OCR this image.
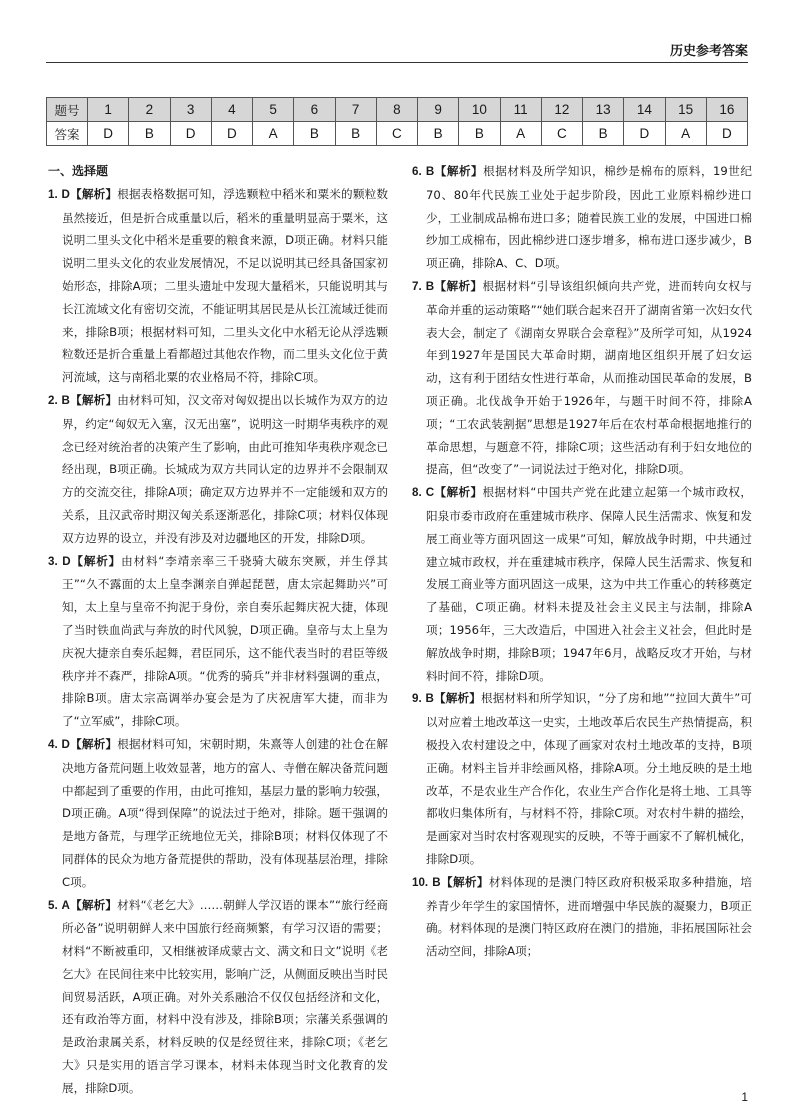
历史参考答案
题号	1	2	3	4	5	6	7	8	9	10	11	12	13	14	15	16
答案	D	B	D	D	A	B	B	C	B	B	A	C	B	D	A	D
一、选择题

1. D【解析】根据表格数据可知，浮选颗粒中稻米和粟米的颗粒数虽然接近，但是折合成重量以后，稻米的重量明显高于粟米，这说明二里头文化中稻米是重要的粮食来源，D项正确。材料只能说明二里头文化的农业发展情况，不足以说明其已经具备国家初始形态，排除A项；二里头遗址中发现大量稻米，只能说明其与长江流域文化有密切交流，不能证明其居民是从长江流域迁徙而来，排除B项；根据材料可知，二里头文化中水稻无论从浮选颗粒数还是折合重量上看都超过其他农作物，而二里头文化位于黄河流域，这与南稻北粟的农业格局不符，排除C项。

2. B【解析】由材料可知，汉文帝对匈奴提出以长城作为双方的边界，约定“匈奴无入塞，汉无出塞”，说明这一时期华夷秩序的观念已经对统治者的决策产生了影响，由此可推知华夷秩序观念已经出现，B项正确。长城成为双方共同认定的边界并不会限制双方的交流交往，排除A项；确定双方边界并不一定能缓和双方的关系，且汉武帝时期汉匈关系逐渐恶化，排除C项；材料仅体现双方边界的设立，并没有涉及对边疆地区的开发，排除D项。

3. D【解析】由材料“李靖亲率三千骁骑大破东突厥，并生俘其王”“久不露面的太上皇李渊亲自弹起琵琶，唐太宗起舞助兴”可知，太上皇与皇帝不拘泥于身份，亲自奏乐起舞庆祝大捷，体现了当时铁血尚武与奔放的时代风貌，D项正确。皇帝与太上皇为庆祝大捷亲自奏乐起舞，君臣同乐，这不能代表当时的君臣等级秩序并不森严，排除A项。“优秀的骑兵”并非材料强调的重点，排除B项。唐太宗高调举办宴会是为了庆祝唐军大捷，而非为了“立军威”，排除C项。

4. D【解析】根据材料可知，宋朝时期，朱熹等人创建的社仓在解决地方备荒问题上收效显著，地方的富人、寺僧在解决备荒问题中都起到了重要的作用，由此可推知，基层力量的影响力较强，D项正确。A项“得到保障”的说法过于绝对，排除。题干强调的是地方备荒，与理学正统地位无关，排除B项；材料仅体现了不同群体的民众为地方备荒提供的帮助，没有体现基层治理，排除C项。

5. A【解析】材料“《老乞大》……朝鲜人学汉语的课本”“旅行经商所必备”说明朝鲜人来中国旅行经商频繁，有学习汉语的需要；材料“不断被重印，又相继被译成蒙古文、满文和日文”说明《老乞大》在民间往来中比较实用，影响广泛，从侧面反映出当时民间贸易活跃，A项正确。对外关系融洽不仅仅包括经济和文化，还有政治等方面，材料中没有涉及，排除B项；宗藩关系强调的是政治隶属关系，材料反映的仅是经贸往来，排除C项；《老乞大》只是实用的语言学习课本，材料未体现当时文化教育的发展，排除D项。

6. B【解析】根据材料及所学知识，棉纱是棉布的原料，19世纪70、80年代民族工业处于起步阶段，因此工业原料棉纱进口少，工业制成品棉布进口多；随着民族工业的发展，中国进口棉纱加工成棉布，因此棉纱进口逐步增多，棉布进口逐步减少，B项正确，排除A、C、D项。

7. B【解析】根据材料“引导该组织倾向共产党，进而转向女权与革命并重的运动策略”“她们联合起来召开了湖南省第一次妇女代表大会，制定了《湖南女界联合会章程》”及所学可知，从1924年到1927年是国民大革命时期，湖南地区组织开展了妇女运动，这有利于团结女性进行革命，从而推动国民革命的发展，B项正确。北伐战争开始于1926年，与题干时间不符，排除A项；“工农武装割据”思想是1927年后在农村革命根据地推行的革命思想，与题意不符，排除C项；这些活动有利于妇女地位的提高，但“改变了”一词说法过于绝对化，排除D项。

8. C【解析】根据材料“中国共产党在此建立起第一个城市政权，阳泉市委市政府在重建城市秩序、保障人民生活需求、恢复和发展工商业等方面巩固这一成果”可知，解放战争时期，中共通过建立城市政权，并在重建城市秩序，保障人民生活需求、恢复和发展工商业等方面巩固这一成果，这为中共工作重心的转移奠定了基础，C项正确。材料未提及社会主义民主与法制，排除A项；1956年，三大改造后，中国进入社会主义社会，但此时是解放战争时期，排除B项；1947年6月，战略反攻才开始，与材料时间不符，排除D项。

9. B【解析】根据材料和所学知识，“分了房和地”“拉回大黄牛”可以对应着土地改革这一史实，土地改革后农民生产热情提高，积极投入农村建设之中，体现了画家对农村土地改革的支持，B项正确。材料主旨并非绘画风格，排除A项。分土地反映的是土地改革，不是农业生产合作化，农业生产合作化是将土地、工具等都收归集体所有，与材料不符，排除C项。对农村牛耕的描绘，是画家对当时农村客观现实的反映，不等于画家不了解机械化，排除D项。

10. B【解析】材料体现的是澳门特区政府积极采取多种措施，培养青少年学生的家国情怀，进而增强中华民族的凝聚力，B项正确。材料体现的是澳门特区政府在澳门的措施，非拓展国际社会活动空间，排除A项；

1
